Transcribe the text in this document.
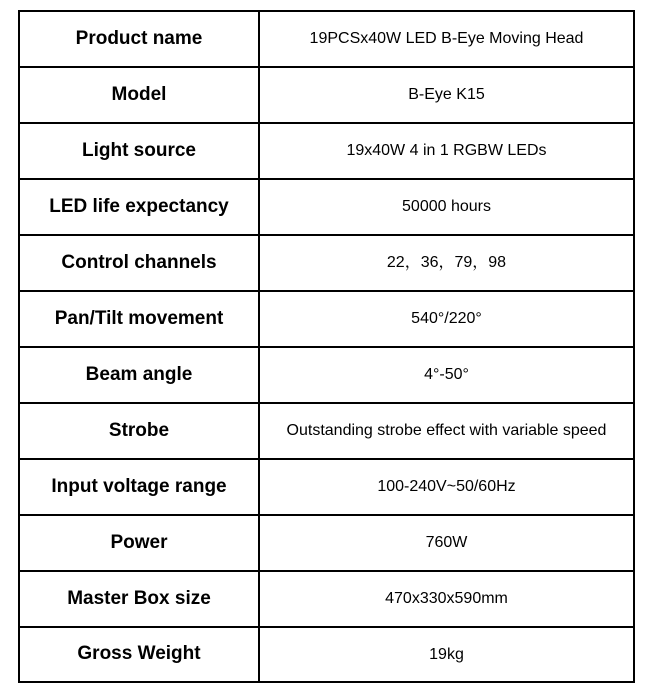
Product name	19PCSx40W LED B-Eye Moving Head
Model	B-Eye K15
Light source	19x40W 4 in 1 RGBW LEDs
LED life expectancy	50000 hours
Control channels	22，36，79，98
Pan/Tilt movement	540°/220°
Beam angle	4°-50°
Strobe	Outstanding strobe effect with variable speed
Input voltage range	100-240V~50/60Hz
Power	760W
Master Box size	470x330x590mm
Gross Weight	19kg
